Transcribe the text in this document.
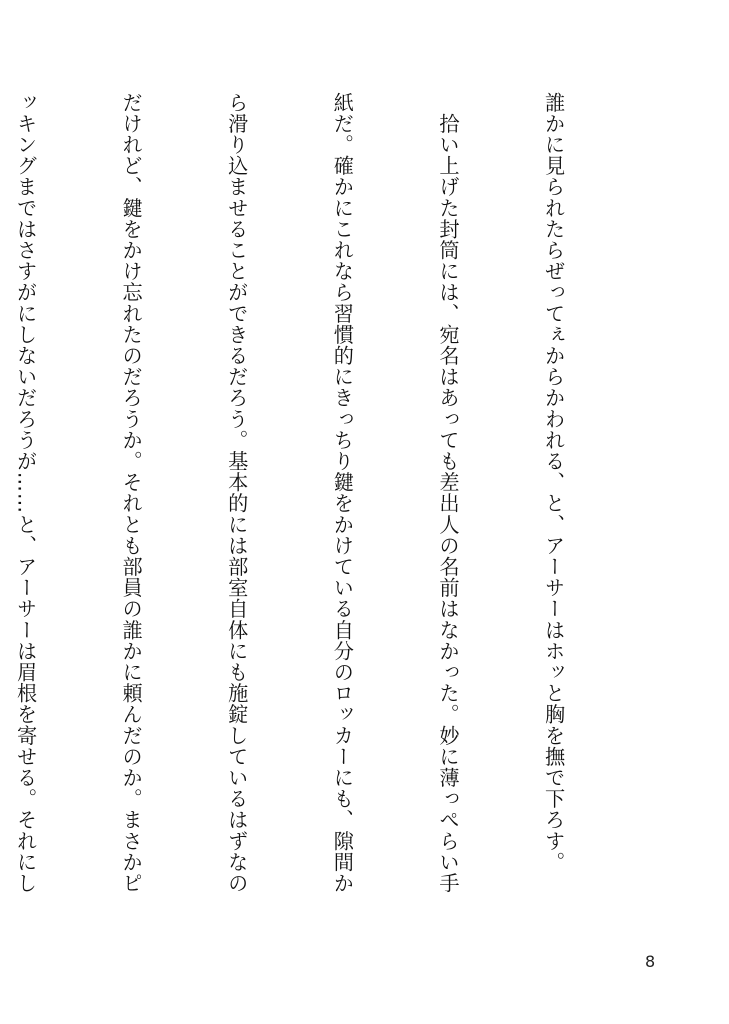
誰かに見られたらぜってぇからかわれる、と、アーサーはホッと胸を撫で下ろす。

　拾い上げた封筒には、宛名はあっても差出人の名前はなかった。妙に薄っぺらい手

紙だ。確かにこれなら習慣的にきっちり鍵をかけている自分のロッカーにも、隙間か

ら滑り込ませることができるだろう。基本的には部室自体にも施錠しているはずなの

だけれど、鍵をかけ忘れたのだろうか。それとも部員の誰かに頼んだのか。まさかピ

ッキングまではさすがにしないだろうが……と、アーサーは眉根を寄せる。それにし

8
